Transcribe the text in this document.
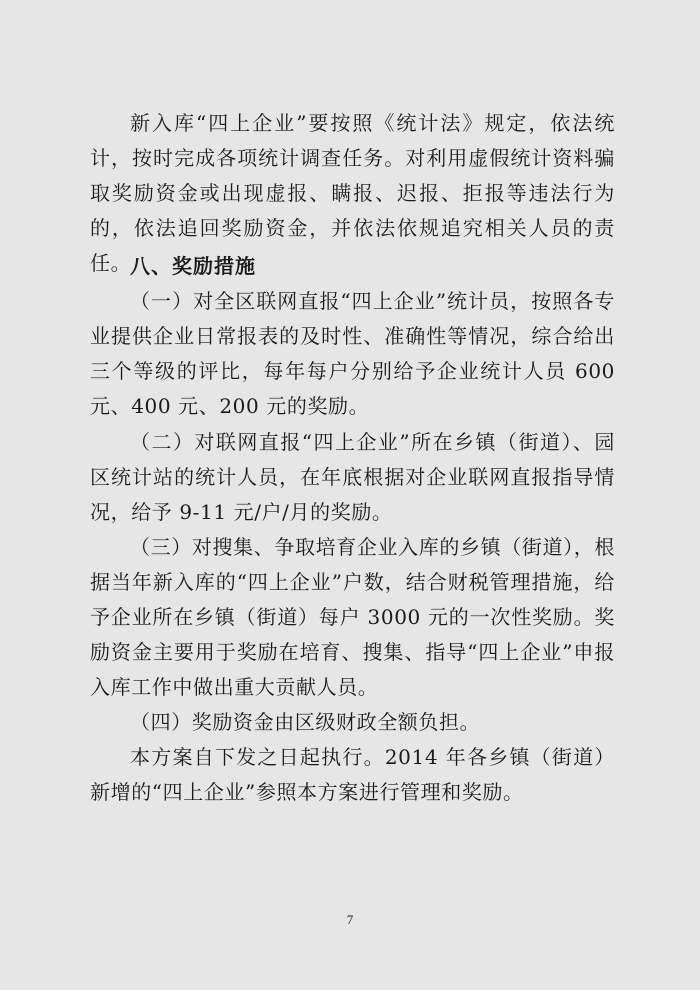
新入库“四上企业”要按照《统计法》规定，依法统计，按时完成各项统计调查任务。对利用虚假统计资料骗取奖励资金或出现虚报、瞒报、迟报、拒报等违法行为的，依法追回奖励资金，并依法依规追究相关人员的责任。

八、奖励措施

（一）对全区联网直报“四上企业”统计员，按照各专业提供企业日常报表的及时性、准确性等情况，综合给出三个等级的评比，每年每户分别给予企业统计人员 600 元、400 元、200 元的奖励。

（二）对联网直报“四上企业”所在乡镇（街道）、园区统计站的统计人员，在年底根据对企业联网直报指导情况，给予 9-11 元/户/月的奖励。

（三）对搜集、争取培育企业入库的乡镇（街道），根据当年新入库的“四上企业”户数，结合财税管理措施，给予企业所在乡镇（街道）每户 3000 元的一次性奖励。奖励资金主要用于奖励在培育、搜集、指导“四上企业”申报入库工作中做出重大贡献人员。

（四）奖励资金由区级财政全额负担。

本方案自下发之日起执行。2014 年各乡镇（街道）新增的“四上企业”参照本方案进行管理和奖励。

7
